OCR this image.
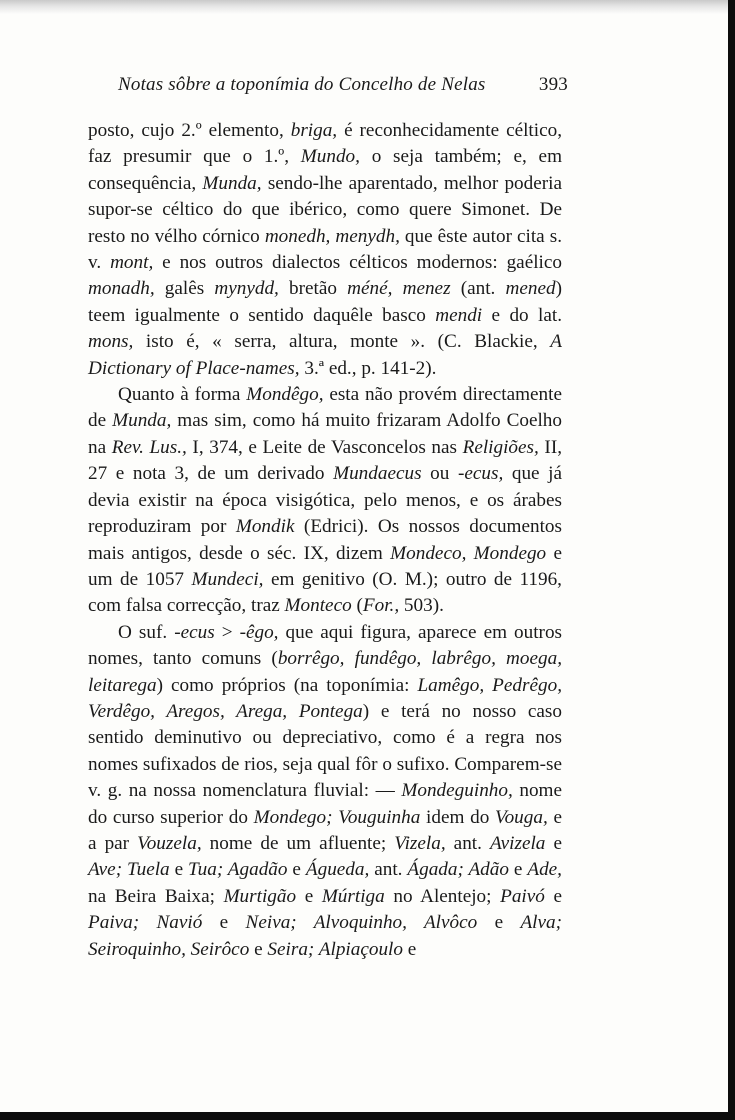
Notas sôbre a toponímia do Concelho de Nelas	393

posto, cujo 2.º elemento, briga, é reconhecidamente céltico, faz presumir que o 1.º, Mundo, o seja também; e, em consequência, Munda, sendo-lhe aparentado, melhor poderia supor-se céltico do que ibérico, como quere Simonet. De resto no vélho córnico monedh, menydh, que êste autor cita s. v. mont, e nos outros dialectos célticos modernos: gaélico monadh, galês mynydd, bretão méné, menez (ant. mened) teem igualmente o sentido daquêle basco mendi e do lat. mons, isto é, « serra, altura, monte ». (C. Blackie, A Dictionary of Place-names, 3.ª ed., p. 141-2).

Quanto à forma Mondêgo, esta não provém directamente de Munda, mas sim, como há muito frizaram Adolfo Coelho na Rev. Lus., I, 374, e Leite de Vasconcelos nas Religiões, II, 27 e nota 3, de um derivado Mundaecus ou -ecus, que já devia existir na época visigótica, pelo menos, e os árabes reproduziram por Mondik (Edrici). Os nossos documentos mais antigos, desde o séc. IX, dizem Mondeco, Mondego e um de 1057 Mundeci, em genitivo (O. M.); outro de 1196, com falsa correcção, traz Monteco (For., 503).

O suf. -ecus > -êgo, que aqui figura, aparece em outros nomes, tanto comuns (borrêgo, fundêgo, labrêgo, moega, leitarega) como próprios (na toponímia: Lamêgo, Pedrêgo, Verdêgo, Aregos, Arega, Pontega) e terá no nosso caso sentido deminutivo ou depreciativo, como é a regra nos nomes sufixados de rios, seja qual fôr o sufixo. Comparem-se v. g. na nossa nomenclatura fluvial: — Mondeguinho, nome do curso superior do Mondego; Vouguinha idem do Vouga, e a par Vouzela, nome de um afluente; Vizela, ant. Avizela e Ave; Tuela e Tua; Agadão e Águeda, ant. Ágada; Adão e Ade, na Beira Baixa; Murtigão e Múrtiga no Alentejo; Paivó e Paiva; Navió e Neiva; Alvoquinho, Alvôco e Alva; Seiroquinho, Seirôco e Seira; Alpiaçoulo e
